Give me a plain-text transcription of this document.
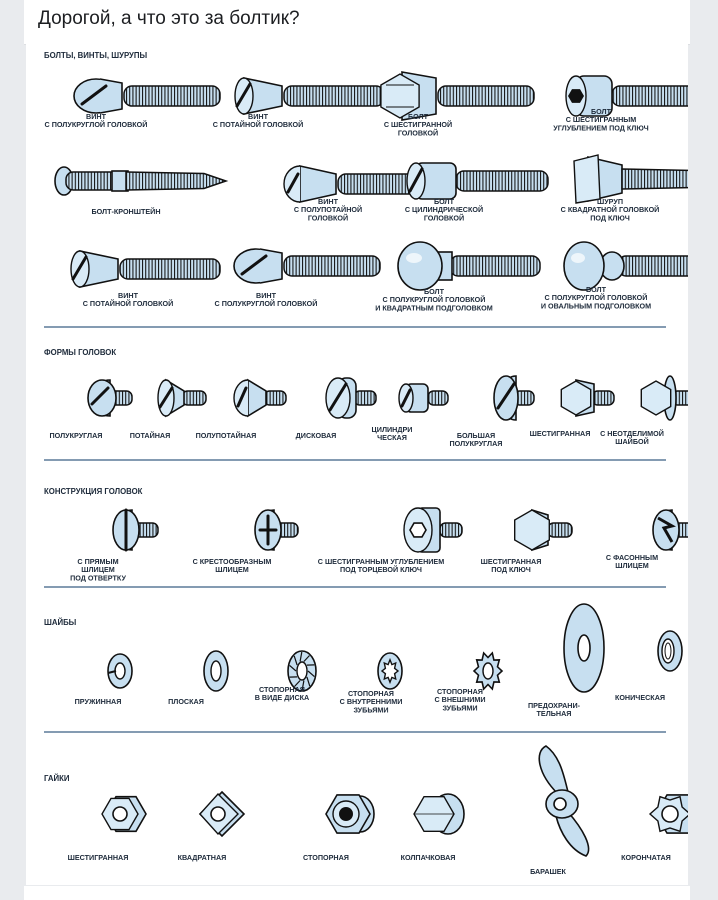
Дорогой, а что это за болтик?
БОЛТЫ, ВИНТЫ, ШУРУПЫ
ФОРМЫ ГОЛОВОК
КОНСТРУКЦИЯ ГОЛОВОК
ШАЙБЫ
ГАЙКИ
ВИНТ
С ПОЛУКРУГЛОЙ ГОЛОВКОЙ
ВИНТ
С ПОТАЙНОЙ ГОЛОВКОЙ
БОЛТ
С ШЕСТИГРАННОЙ
ГОЛОВКОЙ
БОЛТ
С ШЕСТИГРАННЫМ
УГЛУБЛЕНИЕМ ПОД КЛЮЧ
БОЛТ-КРОНШТЕЙН
ВИНТ
С ПОЛУПОТАЙНОЙ
ГОЛОВКОЙ
БОЛТ
С ЦИЛИНДРИЧЕСКОЙ
ГОЛОВКОЙ
ШУРУП
С КВАДРАТНОЙ ГОЛОВКОЙ
ПОД КЛЮЧ
ВИНТ
С ПОТАЙНОЙ ГОЛОВКОЙ
ВИНТ
С ПОЛУКРУГЛОЙ ГОЛОВКОЙ
БОЛТ
С ПОЛУКРУГЛОЙ ГОЛОВКОЙ
И КВАДРАТНЫМ ПОДГОЛОВКОМ
БОЛТ
С ПОЛУКРУГЛОЙ ГОЛОВКОЙ
И ОВАЛЬНЫМ ПОДГОЛОВКОМ
ПОЛУКРУГЛАЯ	ПОТАЙНАЯ	ПОЛУПОТАЙНАЯ	ДИСКОВАЯ
ЦИЛИНДРИ
ЧЕСКАЯ	БОЛЬШАЯ
ПОЛУКРУГЛАЯ
ШЕСТИГРАННАЯ С НЕОТДЕЛИМОЙ
ШАЙБОЙ
С ПРЯМЫМ
ШЛИЦЕМ
ПОД ОТВЕРТКУ
С КРЕСТООБРАЗНЫМ
ШЛИЦЕМ
С ШЕСТИГРАННЫМ УГЛУБЛЕНИЕМ
ПОД ТОРЦЕВОЙ КЛЮЧ
ШЕСТИГРАННАЯ
ПОД КЛЮЧ
С ФАСОННЫМ
ШЛИЦЕМ
ПРУЖИННАЯ	ПЛОСКАЯ
СТОПОРНАЯ
В ВИДЕ ДИСКА	СТОПОРНАЯ
С ВНУТРЕННИМИ
ЗУБЬЯМИ
СТОПОРНАЯ
С ВНЕШНИМИ
ЗУБЬЯМИ	ПРЕДОХРАНИ-
ТЕЛЬНАЯ
КОНИЧЕСКАЯ
ШЕСТИГРАННАЯ	КВАДРАТНАЯ	СТОПОРНАЯ	КОЛПАЧКОВАЯ
БАРАШЕК
КОРОНЧАТАЯ
